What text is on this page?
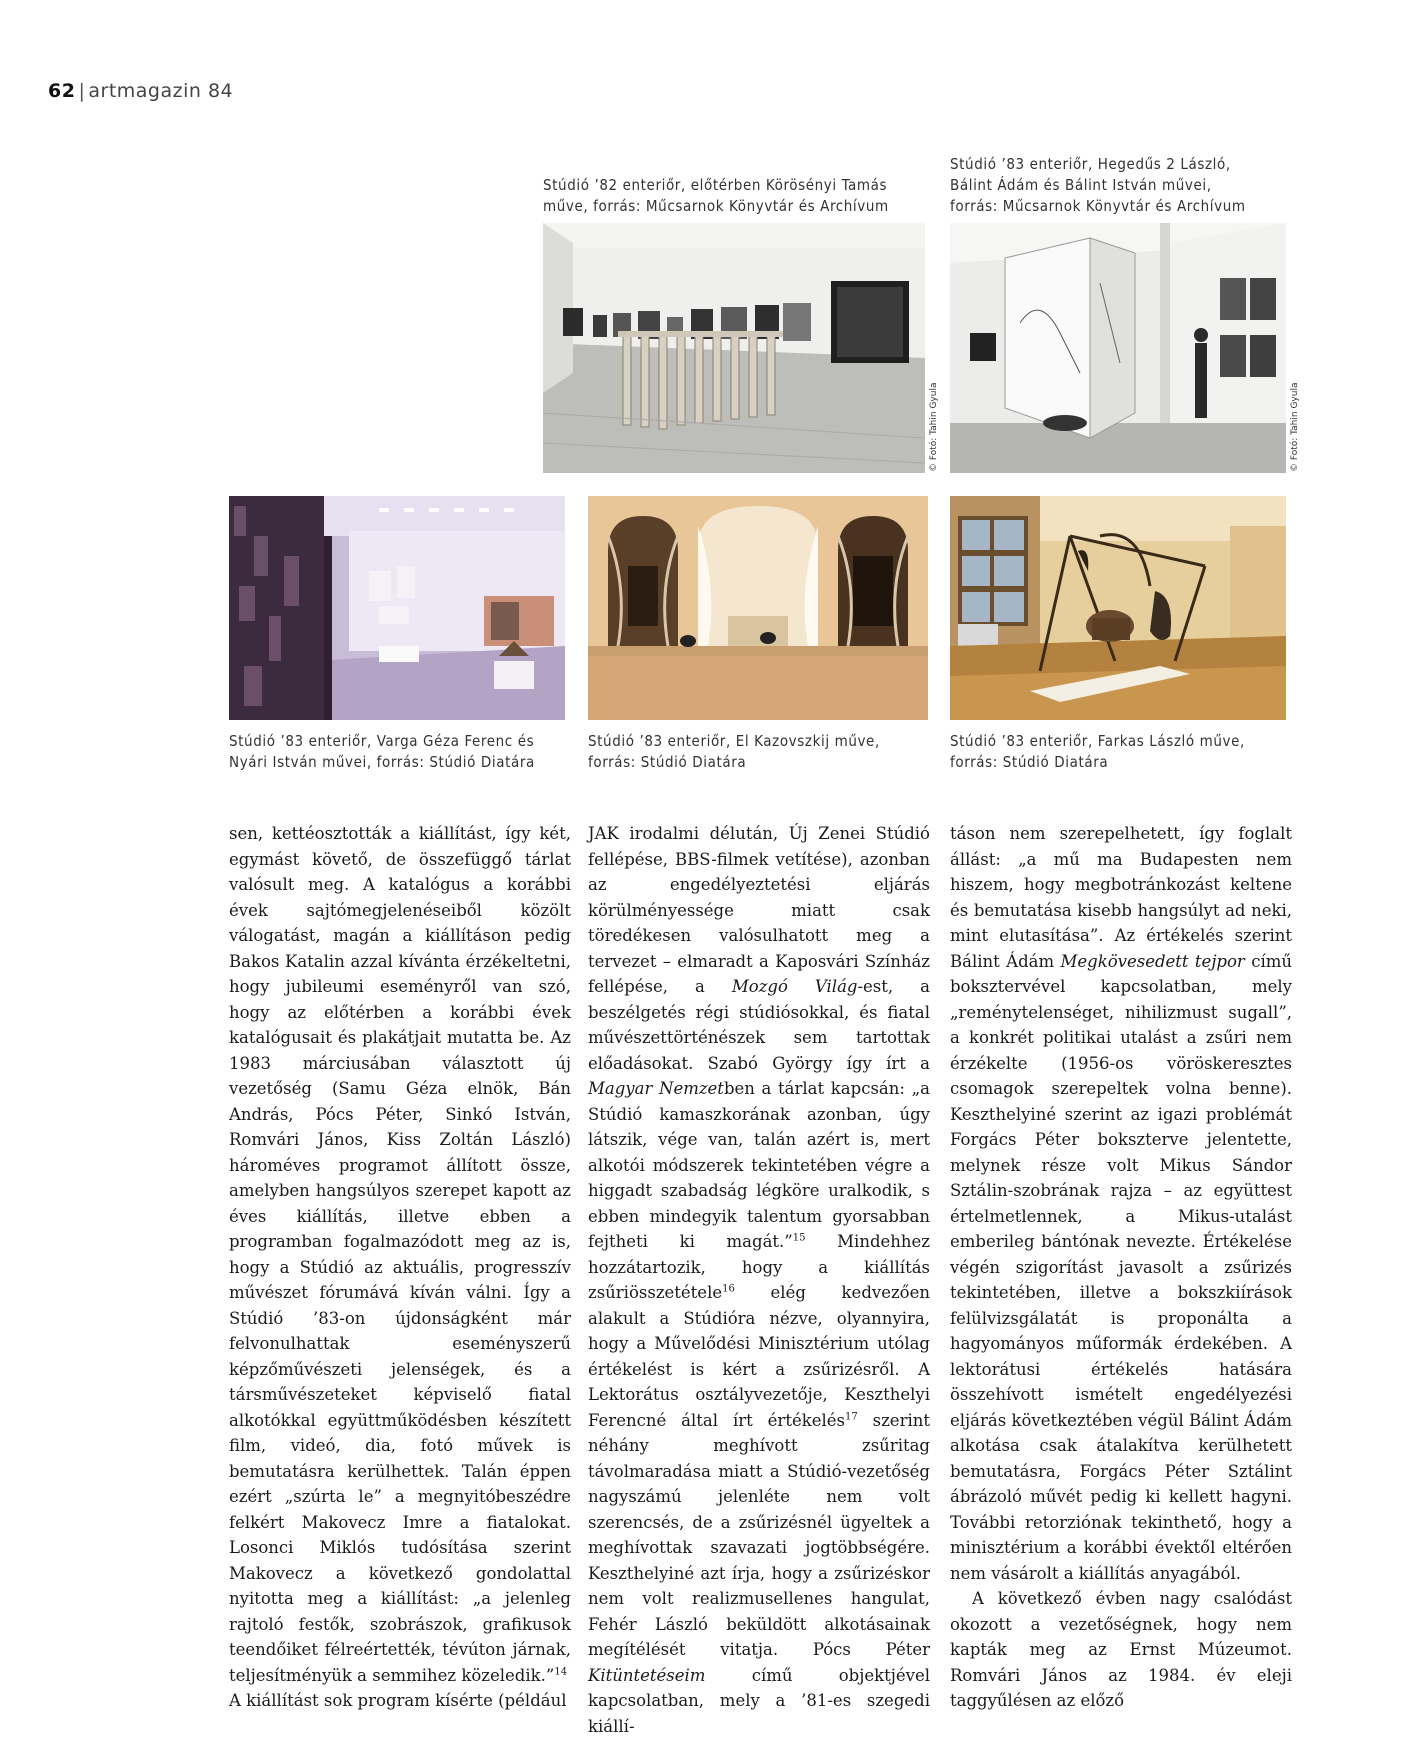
62 | artmagazin 84
Stúdió ’82 enteriőr, előtérben Körösényi Tamás
műve, forrás: Műcsarnok Könyvtár és Archívum
Stúdió ’83 enteriőr, Hegedűs 2 László,
Bálint Ádám és Bálint István művei,
forrás: Műcsarnok Könyvtár és Archívum
© Fotó: Tahin Gyula	© Fotó: Tahin Gyula
Stúdió ’83 enteriőr, Varga Géza Ferenc és
Nyári István művei, forrás: Stúdió Diatára
Stúdió ’83 enteriőr, El Kazovszkij műve,
forrás: Stúdió Diatára
Stúdió ’83 enteriőr, Farkas László műve,
forrás: Stúdió Diatára

sen, kettéosztották a kiállítást, így két, egymást követő, de összefüggő tárlat valósult meg. A katalógus a korábbi évek sajtómegjelenéseiből közölt válogatást, magán a kiállításon pedig Bakos Katalin azzal kívánta érzékeltetni, hogy jubileumi eseményről van szó, hogy az előtérben a korábbi évek katalógusait és plakátjait mutatta be. Az 1983 márciusában választott új vezetőség (Samu Géza elnök, Bán András, Pócs Péter, Sinkó István, Romvári János, Kiss Zoltán László) hároméves programot állított össze, amelyben hangsúlyos szerepet kapott az éves kiállítás, illetve ebben a programban fogalmazódott meg az is, hogy a Stúdió az aktuális, progresszív művészet fórumává kíván válni. Így a Stúdió ’83-on újdonságként már felvonulhattak eseményszerű képzőművészeti jelenségek, és a társművészeteket képviselő fiatal alkotókkal együttműködésben készített film, videó, dia, fotó művek is bemutatásra kerülhettek. Talán éppen ezért „szúrta le” a megnyitóbeszédre felkért Makovecz Imre a fiatalokat. Losonci Miklós tudósítása szerint Makovecz a következő gondolattal nyitotta meg a kiállítást: „a jelenleg rajtoló festők, szobrászok, grafikusok teendőiket félreértették, tévúton járnak, teljesítményük a semmihez közeledik.”$^{14}$

A kiállítást sok program kísérte (például

JAK irodalmi délután, Új Zenei Stúdió fellépése, BBS-filmek vetítése), azonban az engedélyeztetési eljárás körülményessége miatt csak töredékesen valósulhatott meg a tervezet – elmaradt a Kaposvári Színház fellépése, a Mozgó Világ-est, a beszélgetés régi stúdiósokkal, és fiatal művészettörténészek sem tartottak előadásokat. Szabó György így írt a Magyar Nemzetben a tárlat kapcsán: „a Stúdió kamaszkorának azonban, úgy látszik, vége van, talán azért is, mert alkotói módszerek tekintetében végre a higgadt szabadság légköre uralkodik, s ebben mindegyik talentum gyorsabban fejtheti ki magát.”$^{15}$ Mindehhez hozzátartozik, hogy a kiállítás zsűriösszetétele$^{16}$ elég kedvezően alakult a Stúdióra nézve, olyannyira, hogy a Művelődési Minisztérium utólag értékelést is kért a zsűrizésről. A Lektorátus osztályvezetője, Keszthelyi Ferencné által írt értékelés$^{17}$ szerint néhány meghívott zsűritag távolmaradása miatt a Stúdió-vezetőség nagyszámú jelenléte nem volt szerencsés, de a zsűrizésnél ügyeltek a meghívottak szavazati jogtöbbségére. Keszthelyiné azt írja, hogy a zsűrizéskor nem volt realizmusellenes hangulat, Fehér László beküldött alkotásainak megítélését vitatja. Pócs Péter Kitüntetéseim című objektjével kapcsolatban, mely a ’81-es szegedi kiállí-

táson nem szerepelhetett, így foglalt állást: „a mű ma Budapesten nem hiszem, hogy megbotránkozást keltene és bemutatása kisebb hangsúlyt ad neki, mint elutasítása”. Az értékelés szerint Bálint Ádám Megkövesedett tejpor című boksztervével kapcsolatban, mely „reménytelenséget, nihilizmust sugall”, a konkrét politikai utalást a zsűri nem érzékelte (1956-os vöröskeresztes csomagok szerepeltek volna benne). Keszthelyiné szerint az igazi problémát Forgács Péter bokszterve jelentette, melynek része volt Mikus Sándor Sztálin-szobrának rajza – az együttest értelmetlennek, a Mikus-utalást emberileg bántónak nevezte. Értékelése végén szigorítást javasolt a zsűrizés tekintetében, illetve a bokszkiírások felülvizsgálatát is proponálta a hagyományos műformák érdekében. A lektorátusi értékelés hatására összehívott ismételt engedélyezési eljárás következtében végül Bálint Ádám alkotása csak átalakítva kerülhetett bemutatásra, Forgács Péter Sztálint ábrázoló művét pedig ki kellett hagyni. További retorziónak tekinthető, hogy a minisztérium a korábbi évektől eltérően nem vásárolt a kiállítás anyagából.

A következő évben nagy csalódást okozott a vezetőségnek, hogy nem kapták meg az Ernst Múzeumot. Romvári János az 1984. év eleji taggyűlésen az előző
